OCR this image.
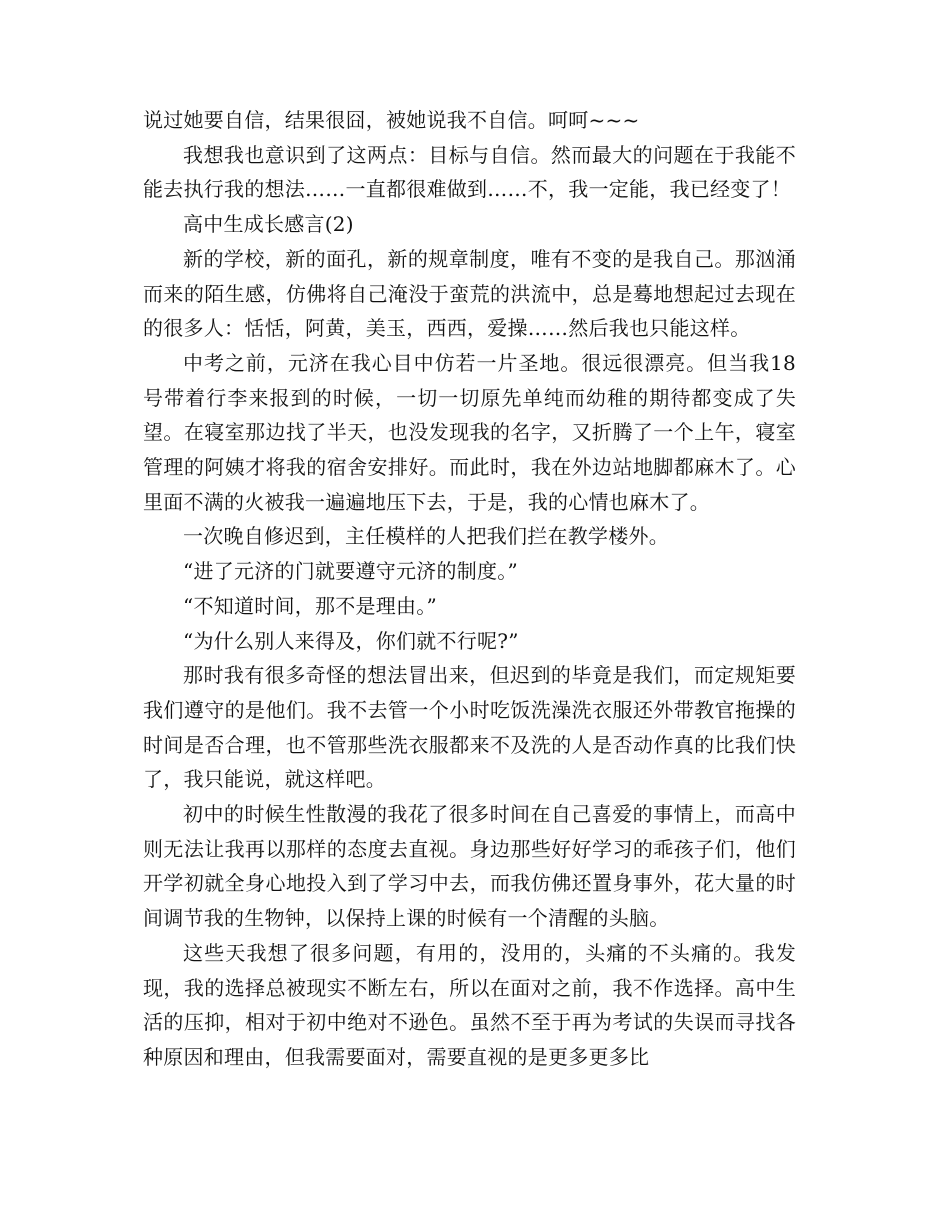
说过她要自信，结果很囧，被她说我不自信。呵呵~~~

我想我也意识到了这两点：目标与自信。然而最大的问题在于我能不能去执行我的想法……一直都很难做到……不，我一定能，我已经变了！

高中生成长感言(2)

新的学校，新的面孔，新的规章制度，唯有不变的是我自己。那汹涌而来的陌生感，仿佛将自己淹没于蛮荒的洪流中，总是蓦地想起过去现在的很多人：恬恬，阿黄，美玉，西西，爱操……然后我也只能这样。

中考之前，元济在我心目中仿若一片圣地。很远很漂亮。但当我18号带着行李来报到的时候，一切一切原先单纯而幼稚的期待都变成了失望。在寝室那边找了半天，也没发现我的名字，又折腾了一个上午，寝室管理的阿姨才将我的宿舍安排好。而此时，我在外边站地脚都麻木了。心里面不满的火被我一遍遍地压下去，于是，我的心情也麻木了。

一次晚自修迟到，主任模样的人把我们拦在教学楼外。

“进了元济的门就要遵守元济的制度。”

“不知道时间，那不是理由。”

“为什么别人来得及，你们就不行呢?”

那时我有很多奇怪的想法冒出来，但迟到的毕竟是我们，而定规矩要我们遵守的是他们。我不去管一个小时吃饭洗澡洗衣服还外带教官拖操的时间是否合理，也不管那些洗衣服都来不及洗的人是否动作真的比我们快了，我只能说，就这样吧。

初中的时候生性散漫的我花了很多时间在自己喜爱的事情上，而高中则无法让我再以那样的态度去直视。身边那些好好学习的乖孩子们，他们开学初就全身心地投入到了学习中去，而我仿佛还置身事外，花大量的时间调节我的生物钟，以保持上课的时候有一个清醒的头脑。

这些天我想了很多问题，有用的，没用的，头痛的不头痛的。我发现，我的选择总被现实不断左右，所以在面对之前，我不作选择。高中生活的压抑，相对于初中绝对不逊色。虽然不至于再为考试的失误而寻找各种原因和理由，但我需要面对，需要直视的是更多更多比
